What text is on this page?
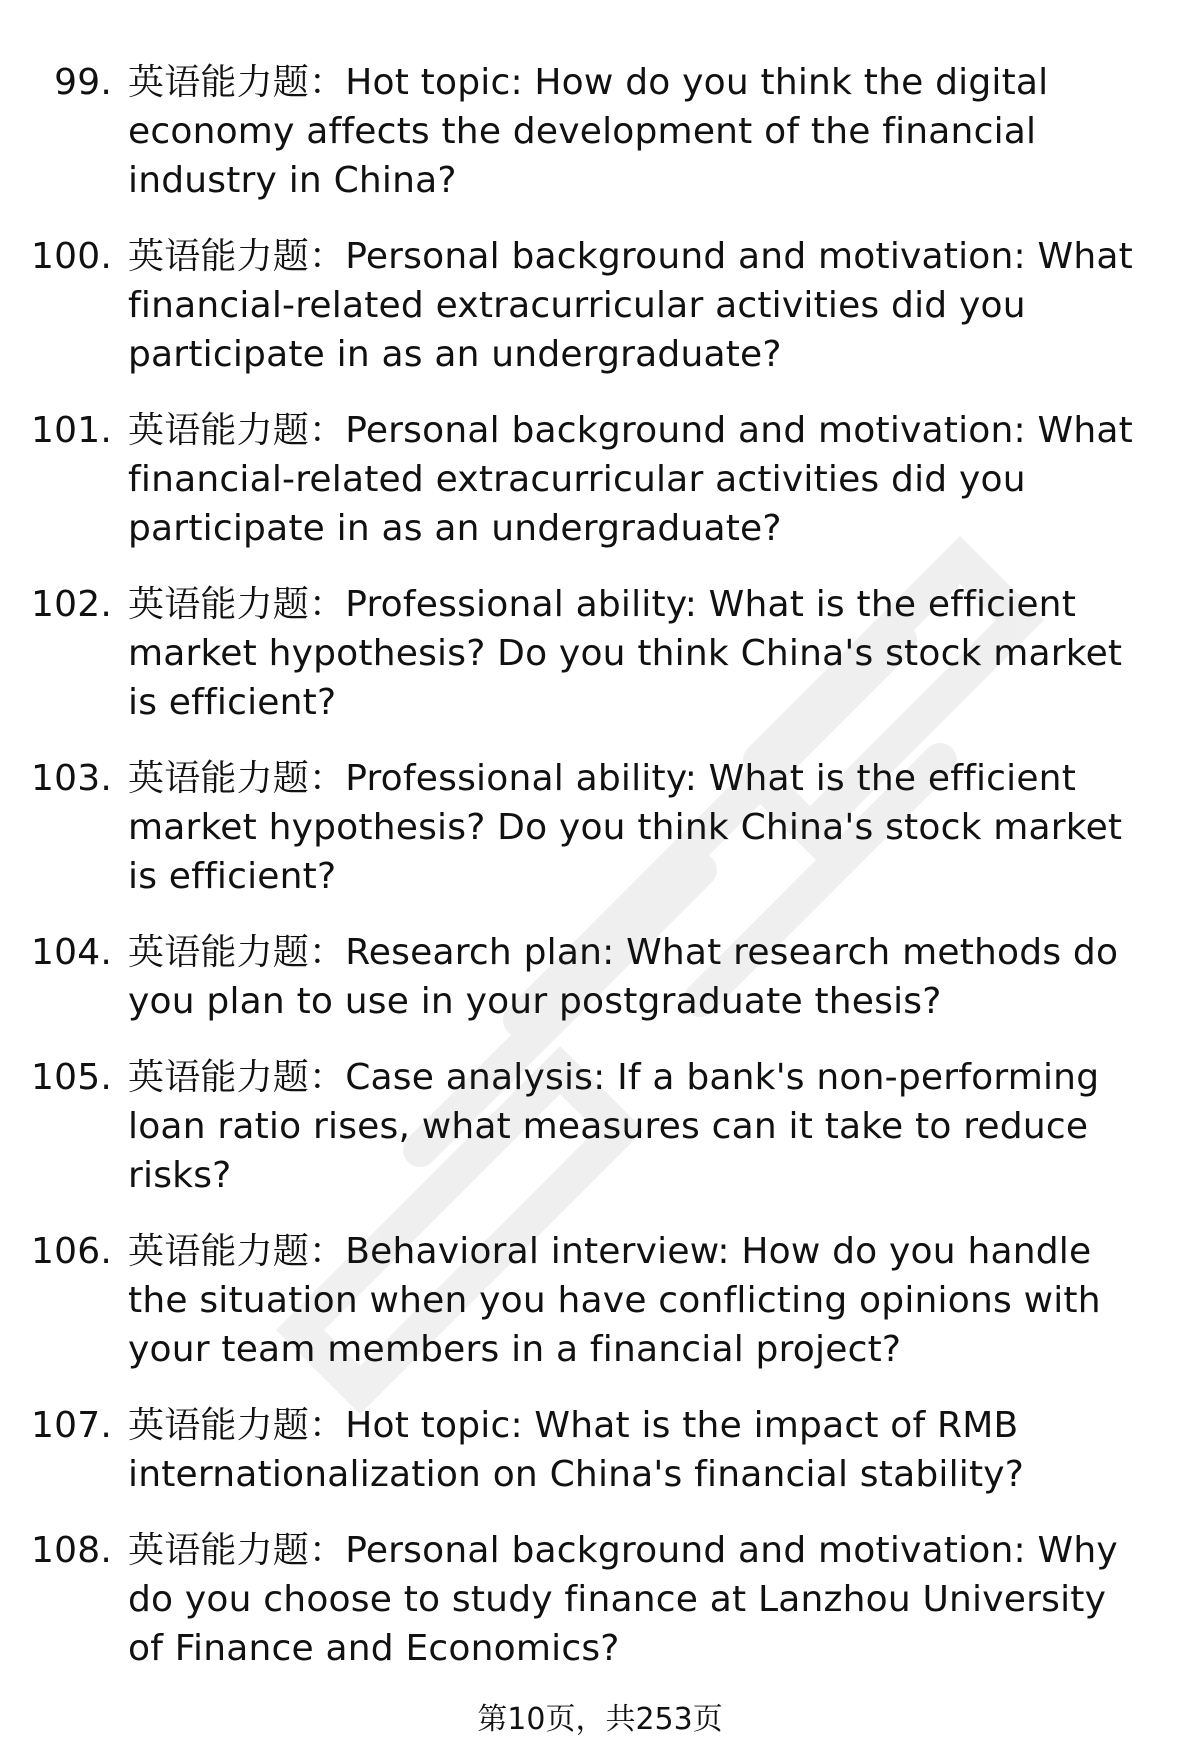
99. 英语能力题：Hot topic: How do you think the digital economy affects the development of the financial industry in China?
100. 英语能力题：Personal background and motivation: What financial-related extracurricular activities did you participate in as an undergraduate?
101. 英语能力题：Personal background and motivation: What financial-related extracurricular activities did you participate in as an undergraduate?
102. 英语能力题：Professional ability: What is the efficient market hypothesis? Do you think China's stock market is efficient?
103. 英语能力题：Professional ability: What is the efficient market hypothesis? Do you think China's stock market is efficient?
104. 英语能力题：Research plan: What research methods do you plan to use in your postgraduate thesis?
105. 英语能力题：Case analysis: If a bank's non-performing loan ratio rises, what measures can it take to reduce risks?
106. 英语能力题：Behavioral interview: How do you handle the situation when you have conflicting opinions with your team members in a financial project?
107. 英语能力题：Hot topic: What is the impact of RMB internationalization on China's financial stability?
108. 英语能力题：Personal background and motivation: Why do you choose to study finance at Lanzhou University of Finance and Economics?
第10页，共253页
